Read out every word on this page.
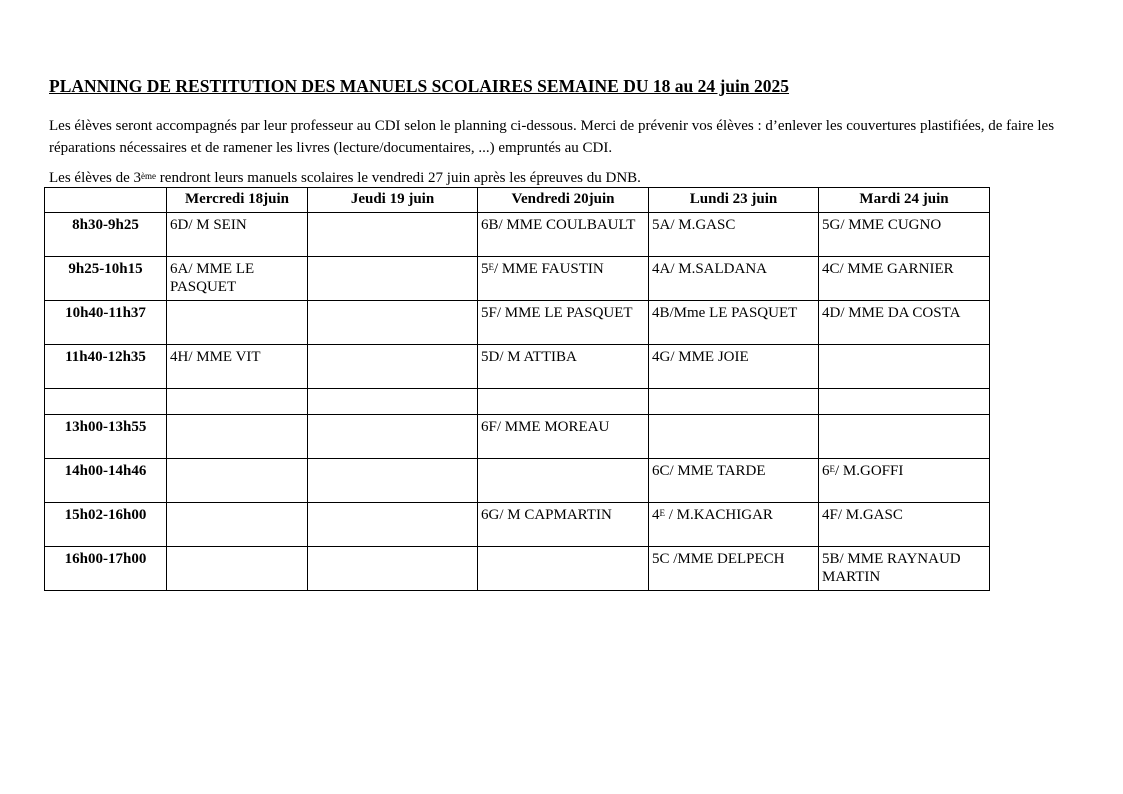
PLANNING DE RESTITUTION DES MANUELS SCOLAIRES SEMAINE DU 18 au 24 juin 2025

Les élèves seront accompagnés par leur professeur au CDI selon le planning ci-dessous. Merci de prévenir vos élèves : d’enlever les couvertures plastifiées, de faire les réparations nécessaires et de ramener les livres (lecture/documentaires, ...) empruntés au CDI.

Les élèves de 3ème rendront leurs manuels scolaires le vendredi 27 juin après les épreuves du DNB.

	Mercredi 18juin	Jeudi 19 juin	Vendredi 20juin	Lundi 23 juin	Mardi 24 juin
8h30-9h25	6D/ M SEIN		6B/ MME COULBAULT	5A/ M.GASC	5G/ MME CUGNO
9h25-10h15	6A/ MME LE PASQUET		$5^E/$ MME FAUSTIN	4A/ M.SALDANA	4C/ MME GARNIER
10h40-11h37			5F/ MME LE PASQUET	4B/Mme LE PASQUET	4D/ MME DA COSTA
11h40-12h35	4H/ MME VIT		5D/ M ATTIBA	4G/ MME JOIE	

13h00-13h55			6F/ MME MOREAU		
14h00-14h46				6C/ MME TARDE	$6^E/$ M.GOFFI
15h02-16h00			6G/ M CAPMARTIN	$4^E$ / M.KACHIGAR	4F/ M.GASC
16h00-17h00				5C /MME DELPECH	5B/ MME RAYNAUD MARTIN
